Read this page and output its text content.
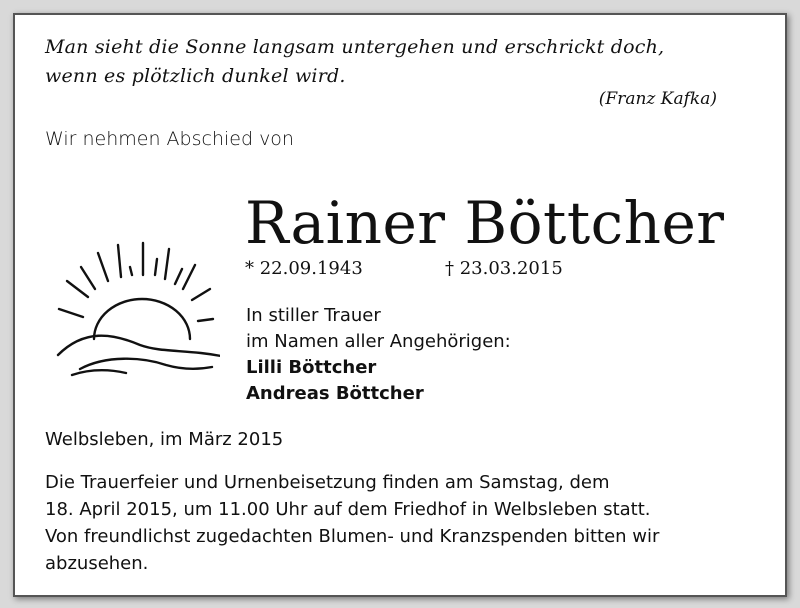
Man sieht die Sonne langsam untergehen und erschrickt doch,
wenn es plötzlich dunkel wird.
(Franz Kafka)
Wir nehmen Abschied von
Rainer Böttcher
* 22.09.1943	† 23.03.2015
In stiller Trauer
im Namen aller Angehörigen:
Lilli Böttcher
Andreas Böttcher
Welbsleben, im März 2015
Die Trauerfeier und Urnenbeisetzung finden am Samstag, dem
18. April 2015, um 11.00 Uhr auf dem Friedhof in Welbsleben statt.
Von freundlichst zugedachten Blumen- und Kranzspenden bitten wir
abzusehen.
